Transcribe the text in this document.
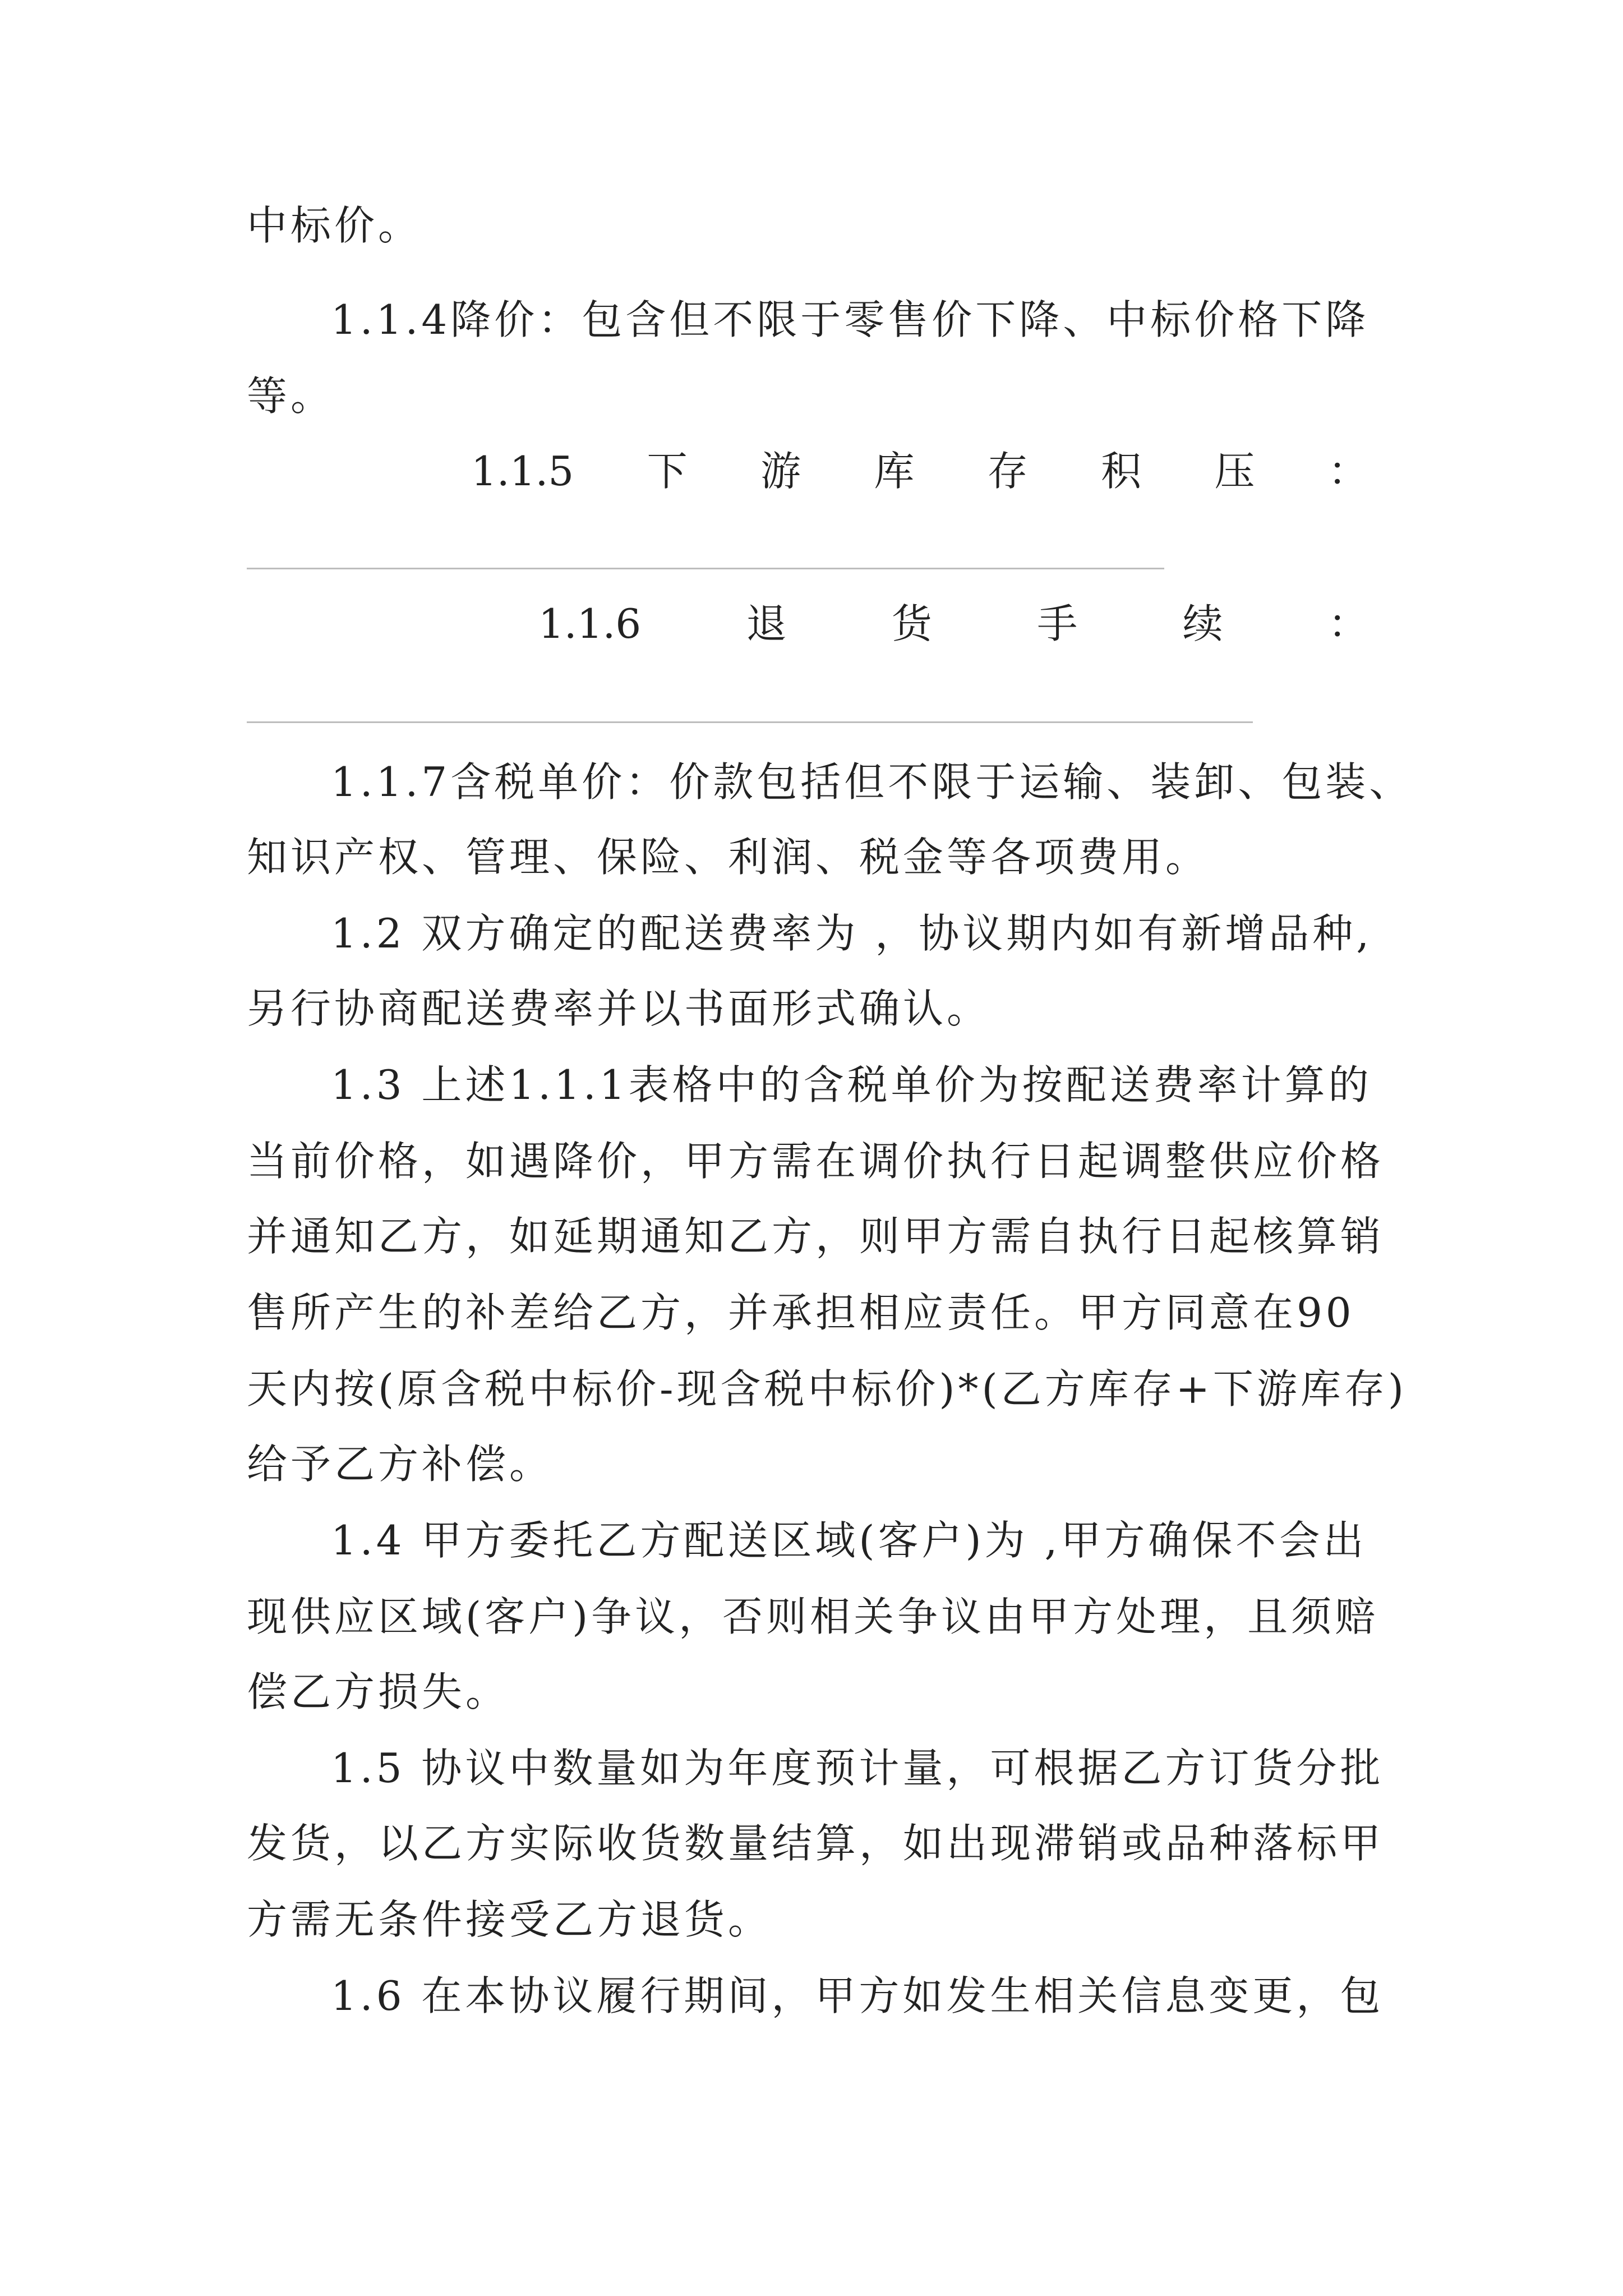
中标价。
1.1.4降价：包含但不限于零售价下降、中标价格下降
等。
1.1.5 下 游 库 存 积 压 ：
1.1.6	退	货	手	续	：
1.1.7含税单价：价款包括但不限于运输、装卸、包装、
知识产权、管理、保险、利润、税金等各项费用。
1.2 双方确定的配送费率为 ，协议期内如有新增品种,
另行协商配送费率并以书面形式确认。
1.3 上述1.1.1表格中的含税单价为按配送费率计算的
当前价格，如遇降价，甲方需在调价执行日起调整供应价格
并通知乙方，如延期通知乙方，则甲方需自执行日起核算销
售所产生的补差给乙方，并承担相应责任。甲方同意在90
天内按(原含税中标价-现含税中标价)*(乙方库存+下游库存)
给予乙方补偿。
1.4 甲方委托乙方配送区域(客户)为 ,甲方确保不会出
现供应区域(客户)争议，否则相关争议由甲方处理，且须赔
偿乙方损失。
1.5 协议中数量如为年度预计量，可根据乙方订货分批
发货，以乙方实际收货数量结算，如出现滞销或品种落标甲
方需无条件接受乙方退货。
1.6 在本协议履行期间，甲方如发生相关信息变更，包
